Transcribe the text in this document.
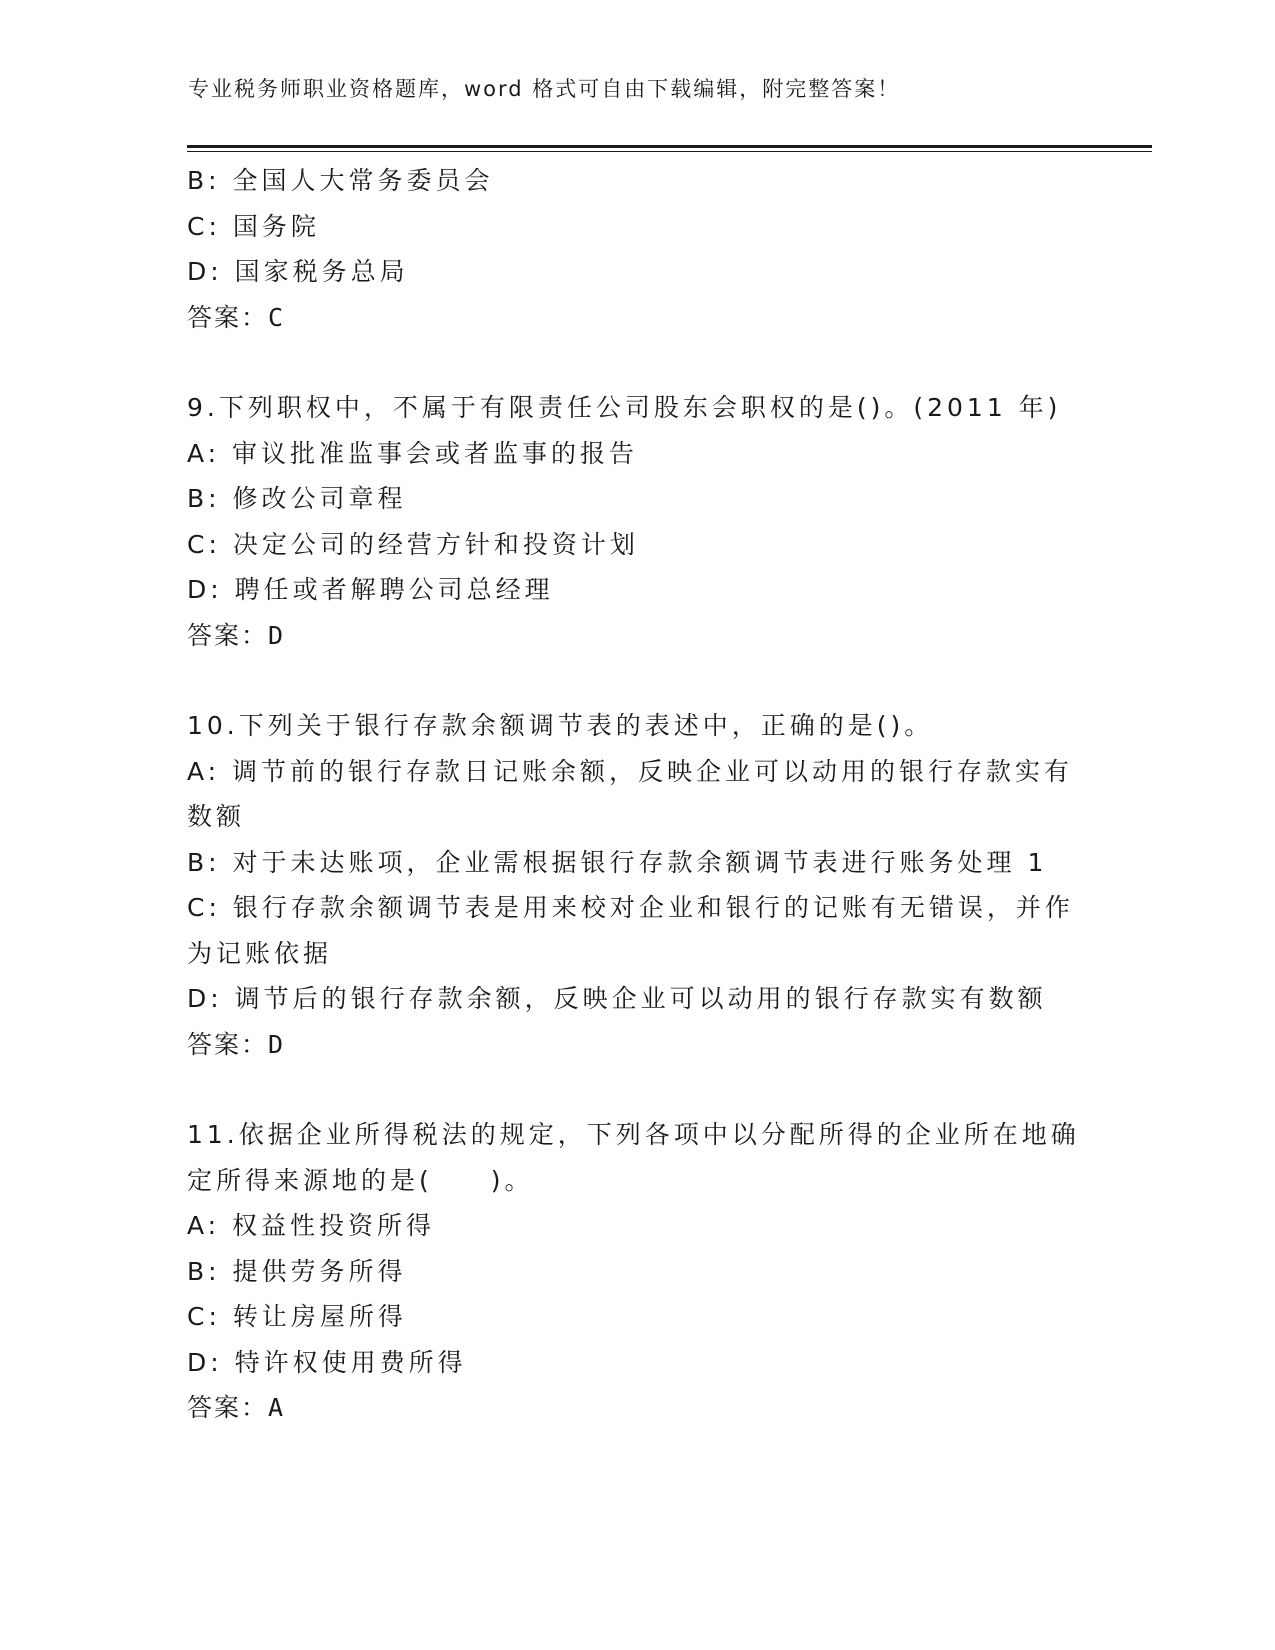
专业税务师职业资格题库，word 格式可自由下载编辑，附完整答案！
B: 全国人大常务委员会
C: 国务院
D: 国家税务总局
答案：C
9.下列职权中，不属于有限责任公司股东会职权的是()。(2011 年)
A: 审议批准监事会或者监事的报告
B: 修改公司章程
C: 决定公司的经营方针和投资计划
D: 聘任或者解聘公司总经理
答案：D
10.下列关于银行存款余额调节表的表述中，正确的是()。
A: 调节前的银行存款日记账余额，反映企业可以动用的银行存款实有数额
B: 对于未达账项，企业需根据银行存款余额调节表进行账务处理 1
C: 银行存款余额调节表是用来校对企业和银行的记账有无错误，并作为记账依据
D: 调节后的银行存款余额，反映企业可以动用的银行存款实有数额
答案：D
11.依据企业所得税法的规定，下列各项中以分配所得的企业所在地确定所得来源地的是(　　)。
A: 权益性投资所得
B: 提供劳务所得
C: 转让房屋所得
D: 特许权使用费所得
答案：A
